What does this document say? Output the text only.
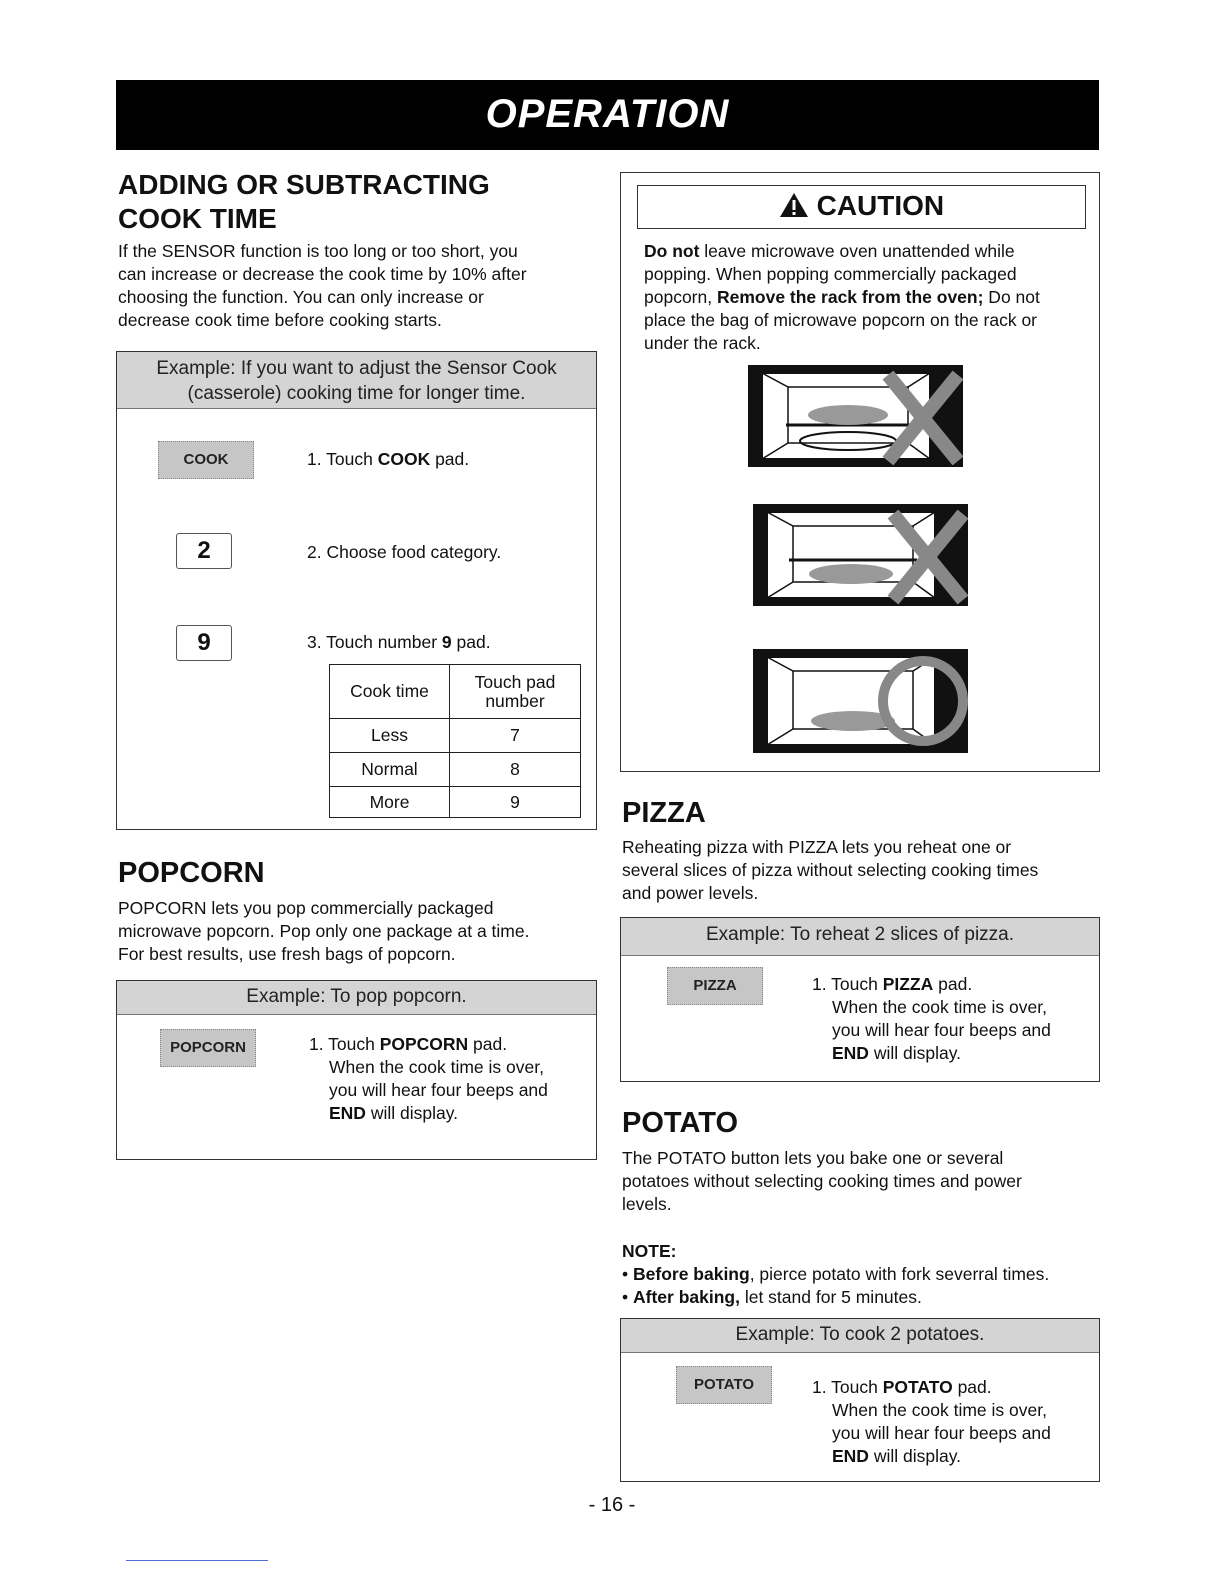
OPERATION
ADDING OR SUBTRACTING
COOK TIME
If the SENSOR function is too long or too short, you
can increase or decrease the cook time by 10% after
choosing the function. You can only increase or
decrease cook time before cooking starts.
Example: If you want to adjust the Sensor Cook
(casserole) cooking time for longer time.
COOK	1. Touch COOK pad.
2	2. Choose food category.
9	3. Touch number 9 pad.
Cook time	Touch pad
number

Less	7
Normal	8
More	9
POPCORN
POPCORN lets you pop commercially packaged
microwave popcorn. Pop only one package at a time.
For best results, use fresh bags of popcorn.
Example: To pop popcorn.
POPCORN	1. Touch POPCORN pad.
When the cook time is over,
you will hear four beeps and
END will display.
CAUTION
Do not leave microwave oven unattended while
popping. When popping commercially packaged
popcorn, Remove the rack from the oven; Do not
place the bag of microwave popcorn on the rack or
under the rack.
PIZZA
Reheating pizza with PIZZA lets you reheat one or
several slices of pizza without selecting cooking times
and power levels.
Example: To reheat 2 slices of pizza.
PIZZA	1. Touch PIZZA pad.
When the cook time is over,
you will hear four beeps and
END will display.
POTATO
The POTATO button lets you bake one or several
potatoes without selecting cooking times and power
levels.
NOTE:
• Before baking, pierce potato with fork severral times.
• After baking, let stand for 5 minutes.
Example: To cook 2 potatoes.
POTATO	1. Touch POTATO pad.
When the cook time is over,
you will hear four beeps and
END will display.
- 16 -
